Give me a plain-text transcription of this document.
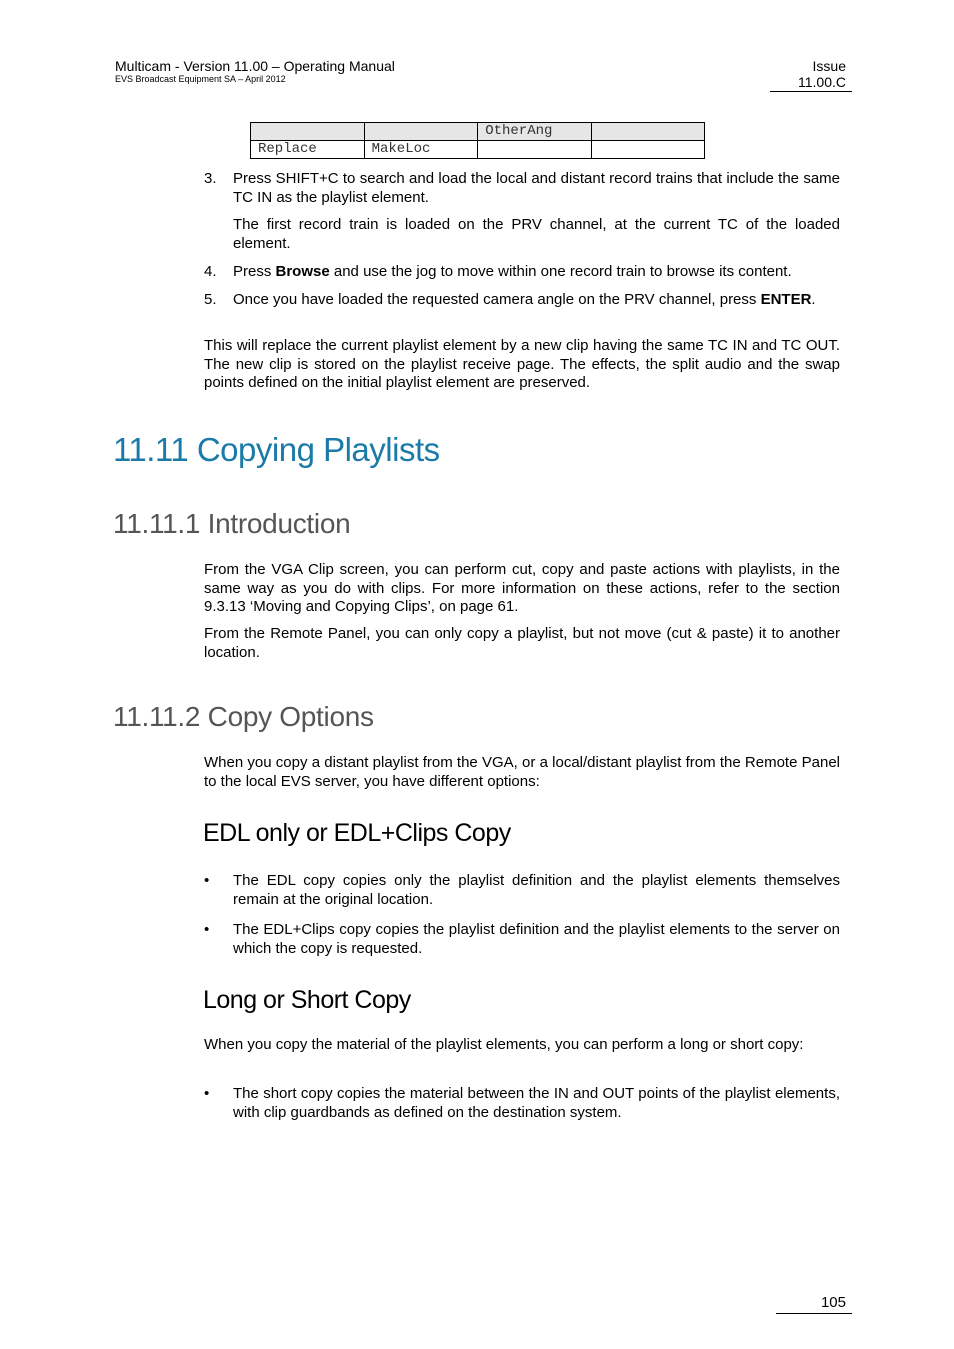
Multicam - Version 11.00 – Operating Manual
EVS Broadcast Equipment SA – April 2012
Issue
11.00.C
		OtherAng	
Replace	MakeLoc		
3. Press SHIFT+C to search and load the local and distant record trains that include the same TC IN as the playlist element.
The first record train is loaded on the PRV channel, at the current TC of the loaded element.
4. Press Browse and use the jog to move within one record train to browse its content.
5. Once you have loaded the requested camera angle on the PRV channel, press ENTER.
This will replace the current playlist element by a new clip having the same TC IN and TC OUT. The new clip is stored on the playlist receive page. The effects, the split audio and the swap points defined on the initial playlist element are preserved.
11.11 Copying Playlists
11.11.1 Introduction
From the VGA Clip screen, you can perform cut, copy and paste actions with playlists, in the same way as you do with clips. For more information on these actions, refer to the section 9.3.13 ‘Moving and Copying Clips’, on page 61.
From the Remote Panel, you can only copy a playlist, but not move (cut & paste) it to another location.
11.11.2 Copy Options
When you copy a distant playlist from the VGA, or a local/distant playlist from the Remote Panel to the local EVS server, you have different options:
EDL only or EDL+Clips Copy
• The EDL copy copies only the playlist definition and the playlist elements themselves remain at the original location.
• The EDL+Clips copy copies the playlist definition and the playlist elements to the server on which the copy is requested.
Long or Short Copy
When you copy the material of the playlist elements, you can perform a long or short copy:
• The short copy copies the material between the IN and OUT points of the playlist elements, with clip guardbands as defined on the destination system.
105
